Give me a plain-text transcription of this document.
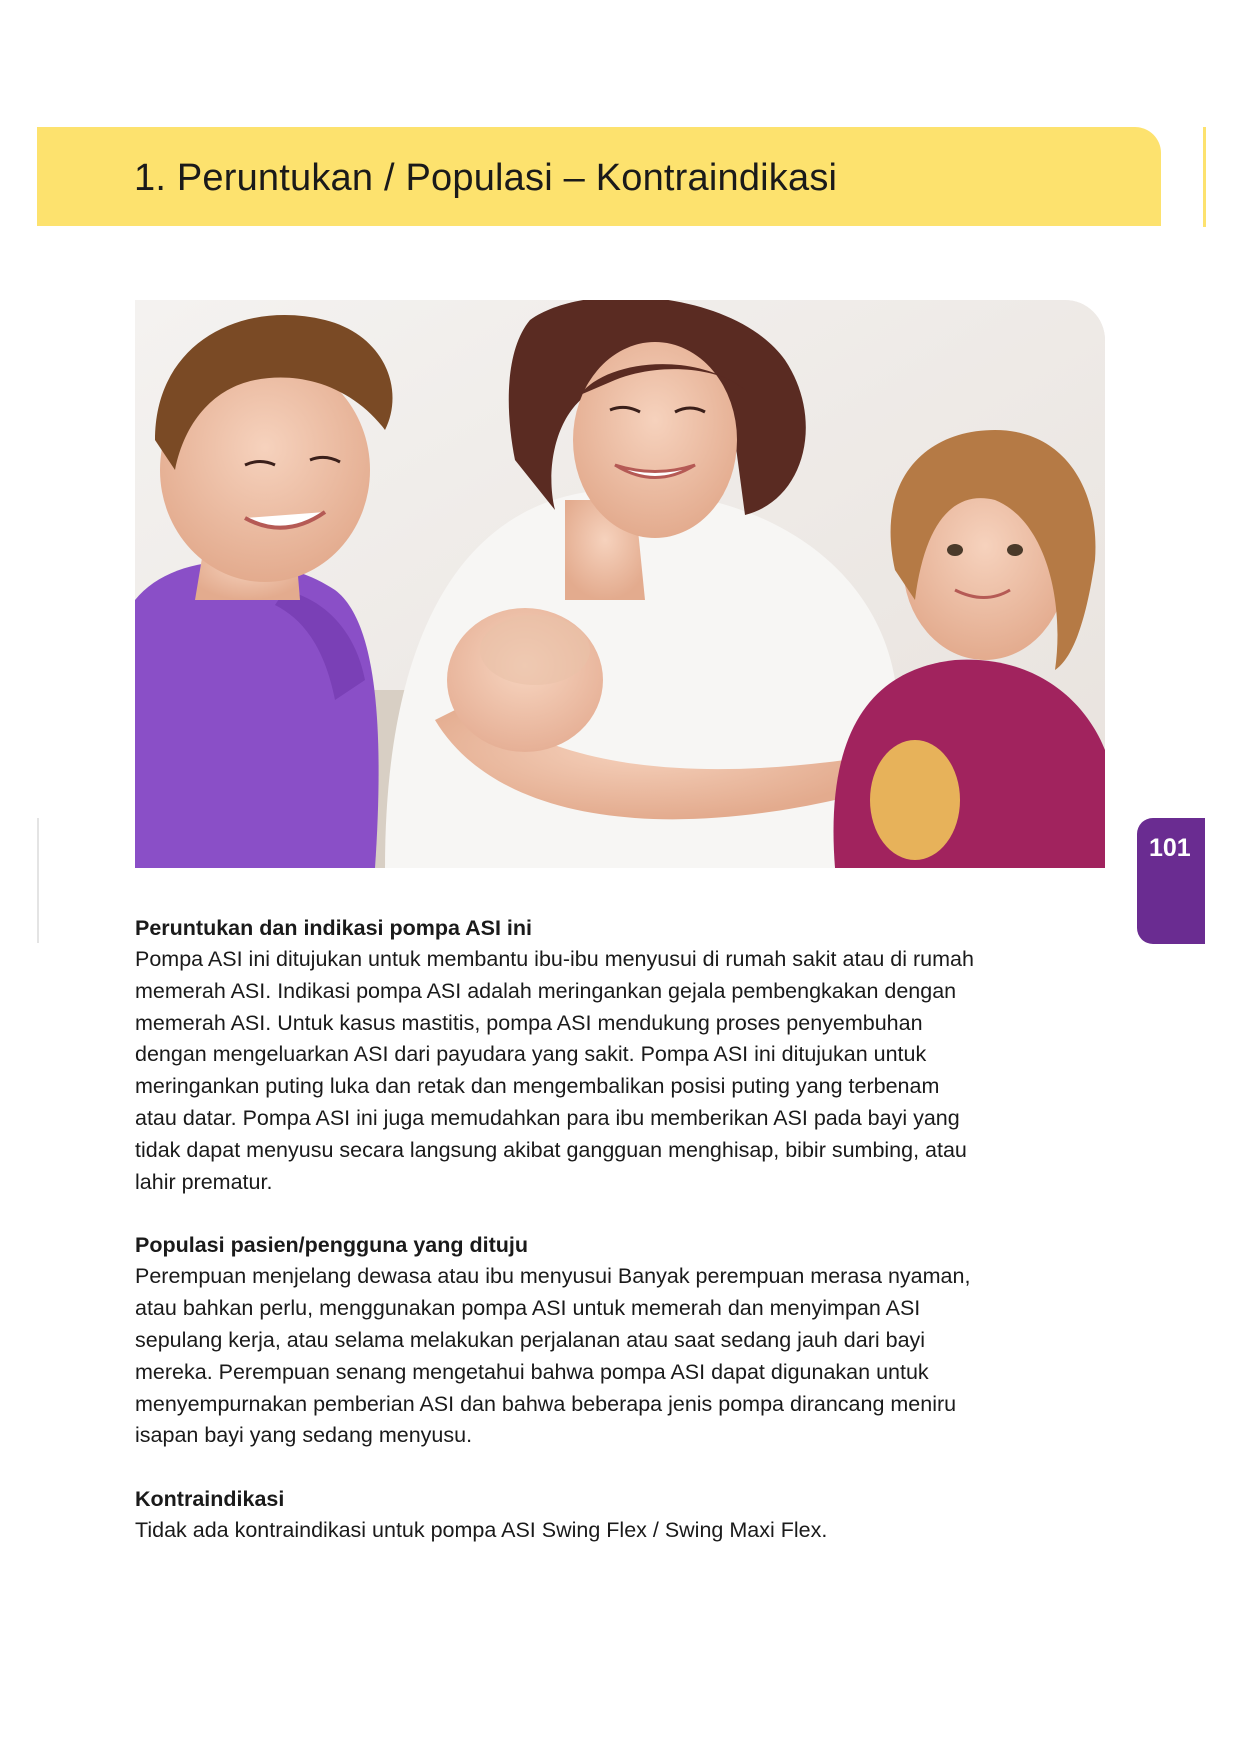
1. Peruntukan / Populasi – Kontraindikasi
101
Peruntukan dan indikasi pompa ASI ini

Pompa ASI ini ditujukan untuk membantu ibu-ibu menyusui di rumah sakit atau di rumah
memerah ASI. Indikasi pompa ASI adalah meringankan gejala pembengkakan dengan
memerah ASI. Untuk kasus mastitis, pompa ASI mendukung proses penyembuhan
dengan mengeluarkan ASI dari payudara yang sakit. Pompa ASI ini ditujukan untuk
meringankan puting luka dan retak dan mengembalikan posisi puting yang terbenam
atau datar. Pompa ASI ini juga memudahkan para ibu memberikan ASI pada bayi yang
tidak dapat menyusu secara langsung akibat gangguan menghisap, bibir sumbing, atau
lahir prematur.

Populasi pasien/pengguna yang dituju

Perempuan menjelang dewasa atau ibu menyusui Banyak perempuan merasa nyaman,
atau bahkan perlu, menggunakan pompa ASI untuk memerah dan menyimpan ASI
sepulang kerja, atau selama melakukan perjalanan atau saat sedang jauh dari bayi
mereka. Perempuan senang mengetahui bahwa pompa ASI dapat digunakan untuk
menyempurnakan pemberian ASI dan bahwa beberapa jenis pompa dirancang meniru
isapan bayi yang sedang menyusu.

Kontraindikasi

Tidak ada kontraindikasi untuk pompa ASI Swing Flex / Swing Maxi Flex.
